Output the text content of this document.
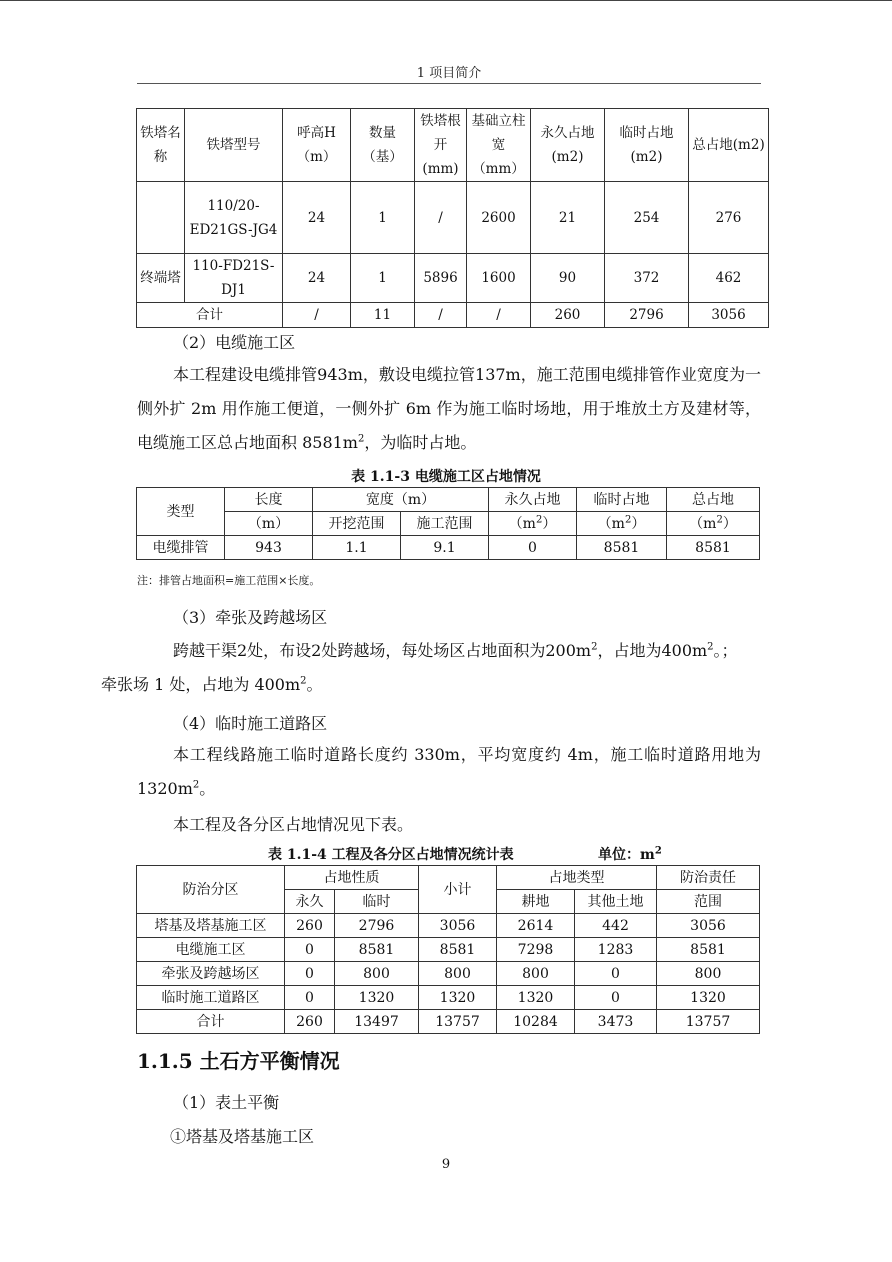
1 项目简介
铁塔名称	铁塔型号	呼高H（m）	数量（基）	铁塔根开(mm)	基础立柱宽（mm）	永久占地(m2)	临时占地(m2)	总占地(m2)
	110/20-ED21GS-JG4	24	1	/	2600	21	254	276
终端塔	110-FD21S-DJ1	24	1	5896	1600	90	372	462
合计		/	11	/	/	260	2796	3056
（2）电缆施工区
本工程建设电缆排管943m，敷设电缆拉管137m，施工范围电缆排管作业宽度为一侧外扩 2m 用作施工便道，一侧外扩 6m 作为施工临时场地，用于堆放土方及建材等，电缆施工区总占地面积 $8581m^2$，为临时占地。
表 1.1-3 电缆施工区占地情况
类型	长度	宽度（m）		永久占地	临时占地	总占地
	（m）	开挖范围	施工范围	$(m^2)$	$(m^2)$	$(m^2)$
电缆排管	943	1.1	9.1	0	8581	8581
注：排管占地面积=施工范围×长度。
（3）牵张及跨越场区
跨越干渠2处，布设2处跨越场，每处场区占地面积为$200m^2$，占地为$400m^2$。；
牵张场 1 处，占地为 $400m^2$。
（4）临时施工道路区
本工程线路施工临时道路长度约 330m，平均宽度约 4m，施工临时道路用地为 $1320m^2$。
本工程及各分区占地情况见下表。
表 1.1-4 工程及各分区占地情况统计表	单位：$m^2$
防治分区	占地性质		小计	占地类型		防治责任
	永久	临时		耕地	其他土地	范围
塔基及塔基施工区	260	2796	3056	2614	442	3056
电缆施工区	0	8581	8581	7298	1283	8581
牵张及跨越场区	0	800	800	800	0	800
临时施工道路区	0	1320	1320	1320	0	1320
合计	260	13497	13757	10284	3473	13757
1.1.5 土石方平衡情况
（1）表土平衡
①塔基及塔基施工区
9
